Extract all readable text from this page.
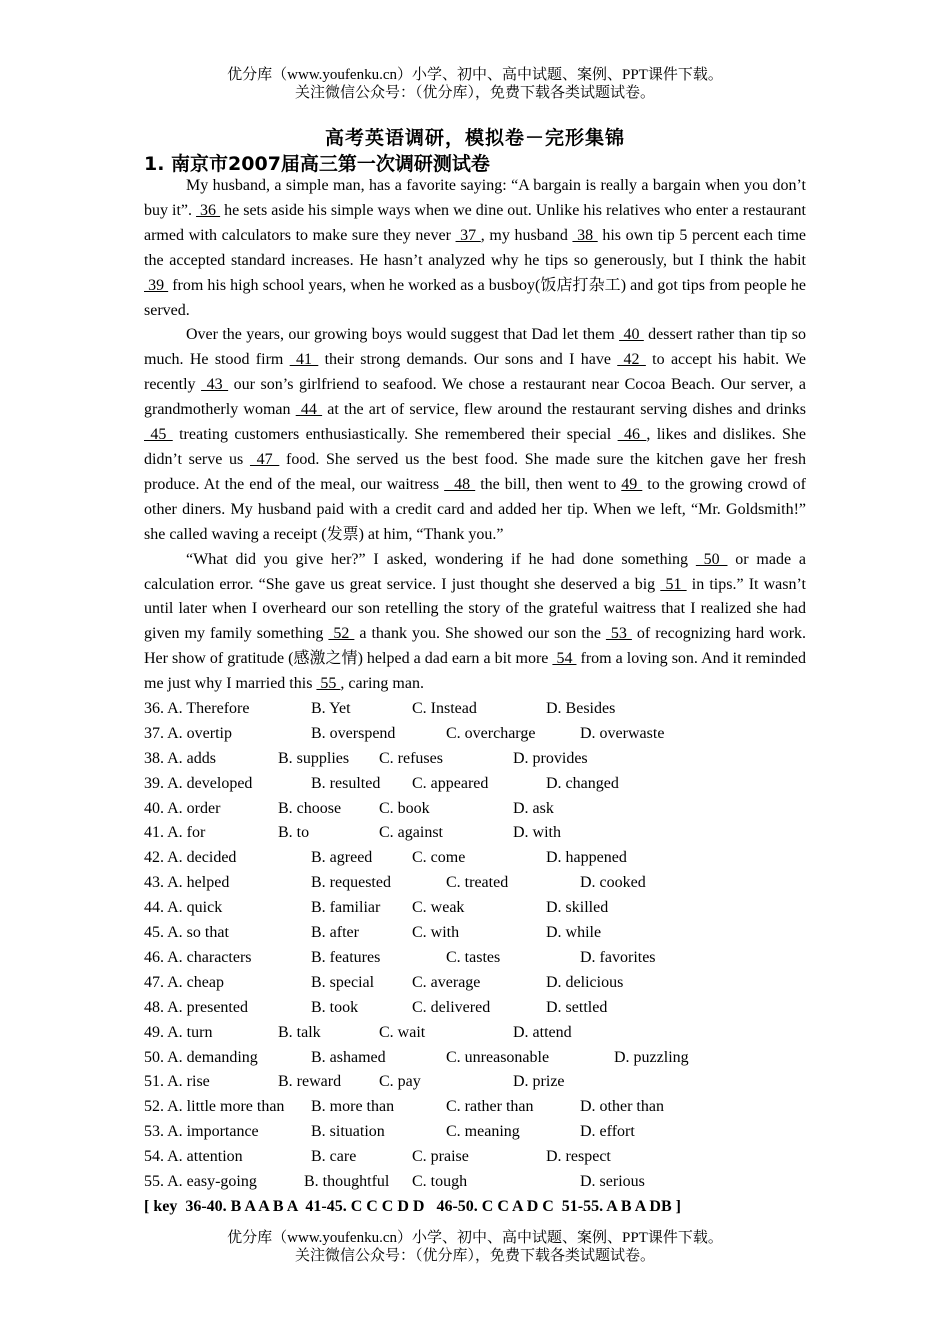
优分库（www.youfenku.cn）小学、初中、高中试题、案例、PPT课件下载。
关注微信公众号：（优分库），免费下载各类试题试卷。
高考英语调研，模拟卷－完形集锦
1. 南京市2007届高三第一次调研测试卷

My husband, a simple man, has a favorite saying: “A bargain is really a bargain when you don’t buy it”.  36  he sets aside his simple ways when we dine out. Unlike his relatives who enter a restaurant armed with calculators to make sure they never  37 , my husband  38  his own tip 5 percent each time the accepted standard increases. He hasn’t analyzed why he tips so generously, but I think the habit  39  from his high school years, when he worked as a busboy(饭店打杂工) and got tips from people he served.

Over the years, our growing boys would suggest that Dad let them  40  dessert rather than tip so much. He stood firm  41  their strong demands. Our sons and I have  42  to accept his habit. We recently  43  our son’s girlfriend to seafood. We chose a restaurant near Cocoa Beach. Our server, a grandmotherly woman  44  at the art of service, flew around the restaurant serving dishes and drinks  45  treating customers enthusiastically. She remembered their special  46 , likes and dislikes. She didn’t serve us  47  food. She served us the best food. She made sure the kitchen gave her fresh produce. At the end of the meal, our waitress   48  the bill, then went to 49  to the growing crowd of other diners. My husband paid with a credit card and added her tip. When we left, “Mr. Goldsmith!” she called waving a receipt (发票) at him, “Thank you.”

“What did you give her?” I asked, wondering if he had done something  50  or made a calculation error. “She gave us great service. I just thought she deserved a big  51  in tips.” It wasn’t until later when I overheard our son retelling the story of the grateful waitress that I realized she had given my family something  52  a thank you. She showed our son the  53  of recognizing hard work. Her show of gratitude (感激之情) helped a dad earn a bit more  54  from a loving son. And it reminded me just why I married this  55 , caring man.

36. A. Therefore	B. Yet	C. Instead	D. Besides
37. A. overtip	B. overspend	C. overcharge	D. overwaste
38. A. adds	B. supplies C. refuses	D. provides
39. A. developed	B. resulted C. appeared	D. changed
40. A. order	B. choose C. book	D. ask
41. A. for	B. to	C. against	D. with
42. A. decided	B. agreed C. come	D. happened
43. A. helped	B. requested	C. treated	D. cooked
44. A. quick	B. familiar C. weak	D. skilled
45. A. so that	B. after	C. with	D. while
46. A. characters	B. features	C. tastes	D. favorites
47. A. cheap	B. special C. average	D. delicious
48. A. presented	B. took	C. delivered	D. settled
49. A. turn	B. talk	C. wait	D. attend
50. A. demanding	B. ashamed	C. unreasonable	D. puzzling
51. A. rise	B. reward C. pay	D. prize
52. A. little more than B. more than	C. rather than	D. other than
53. A. importance	B. situation	C. meaning	D. effort
54. A. attention	B. care	C. praise	D. respect
55. A. easy-going	B. thoughtful C. tough	D. serious
[ key  36-40. B A A B A  41-45. C C C D D   46-50. C C A D C  51-55. A B A DB ]
优分库（www.youfenku.cn）小学、初中、高中试题、案例、PPT课件下载。
关注微信公众号：（优分库），免费下载各类试题试卷。
